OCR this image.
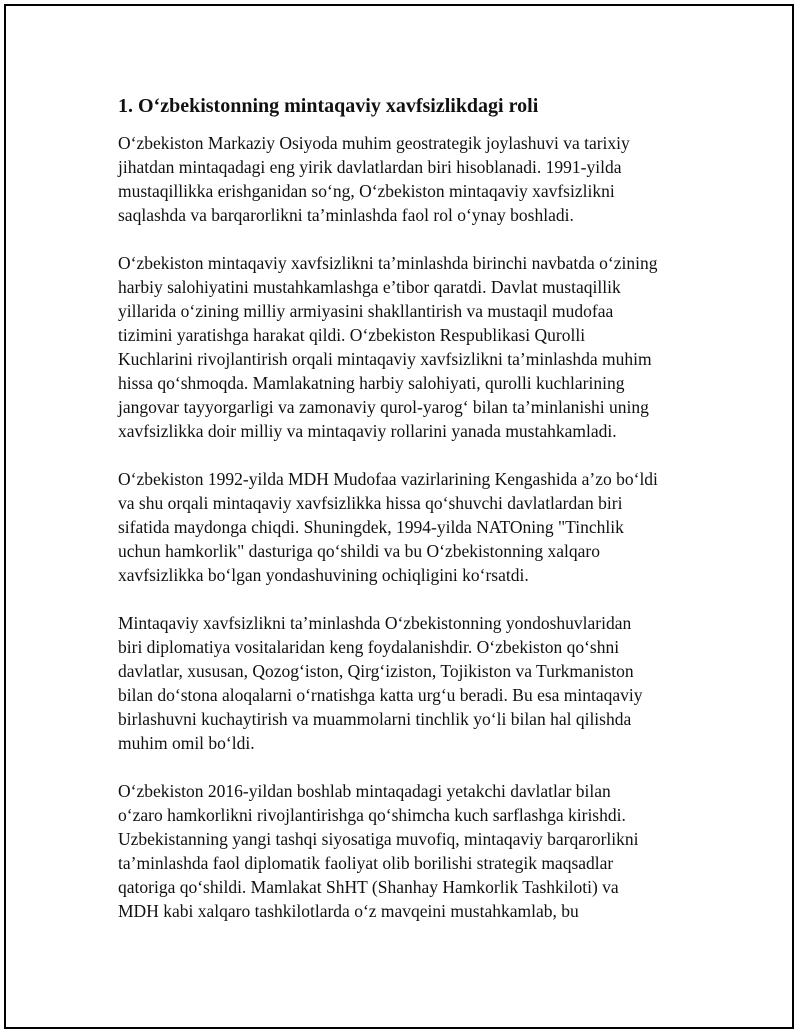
1. O‘zbekistonning mintaqaviy xavfsizlikdagi roli
O‘zbekiston Markaziy Osiyoda muhim geostrategik joylashuvi va tarixiy
jihatdan mintaqadagi eng yirik davlatlardan biri hisoblanadi. 1991-yilda
mustaqillikka erishganidan so‘ng, O‘zbekiston mintaqaviy xavfsizlikni
saqlashda va barqarorlikni ta’minlashda faol rol o‘ynay boshladi.
O‘zbekiston mintaqaviy xavfsizlikni ta’minlashda birinchi navbatda o‘zining
harbiy salohiyatini mustahkamlashga e’tibor qaratdi. Davlat mustaqillik
yillarida o‘zining milliy armiyasini shakllantirish va mustaqil mudofaa
tizimini yaratishga harakat qildi. O‘zbekiston Respublikasi Qurolli
Kuchlarini rivojlantirish orqali mintaqaviy xavfsizlikni ta’minlashda muhim
hissa qo‘shmoqda. Mamlakatning harbiy salohiyati, qurolli kuchlarining
jangovar tayyorgarligi va zamonaviy qurol-yarog‘ bilan ta’minlanishi uning
xavfsizlikka doir milliy va mintaqaviy rollarini yanada mustahkamladi.
O‘zbekiston 1992-yilda MDH Mudofaa vazirlarining Kengashida a’zo bo‘ldi
va shu orqali mintaqaviy xavfsizlikka hissa qo‘shuvchi davlatlardan biri
sifatida maydonga chiqdi. Shuningdek, 1994-yilda NATOning "Tinchlik
uchun hamkorlik" dasturiga qo‘shildi va bu O‘zbekistonning xalqaro
xavfsizlikka bo‘lgan yondashuvining ochiqligini ko‘rsatdi.
Mintaqaviy xavfsizlikni ta’minlashda O‘zbekistonning yondoshuvlaridan
biri diplomatiya vositalaridan keng foydalanishdir. O‘zbekiston qo‘shni
davlatlar, xususan, Qozog‘iston, Qirg‘iziston, Tojikiston va Turkmaniston
bilan do‘stona aloqalarni o‘rnatishga katta urg‘u beradi. Bu esa mintaqaviy
birlashuvni kuchaytirish va muammolarni tinchlik yo‘li bilan hal qilishda
muhim omil bo‘ldi.
O‘zbekiston 2016-yildan boshlab mintaqadagi yetakchi davlatlar bilan
o‘zaro hamkorlikni rivojlantirishga qo‘shimcha kuch sarflashga kirishdi.
Uzbekistanning yangi tashqi siyosatiga muvofiq, mintaqaviy barqarorlikni
ta’minlashda faol diplomatik faoliyat olib borilishi strategik maqsadlar
qatoriga qo‘shildi. Mamlakat ShHT (Shanhay Hamkorlik Tashkiloti) va
MDH kabi xalqaro tashkilotlarda o‘z mavqeini mustahkamlab, bu
